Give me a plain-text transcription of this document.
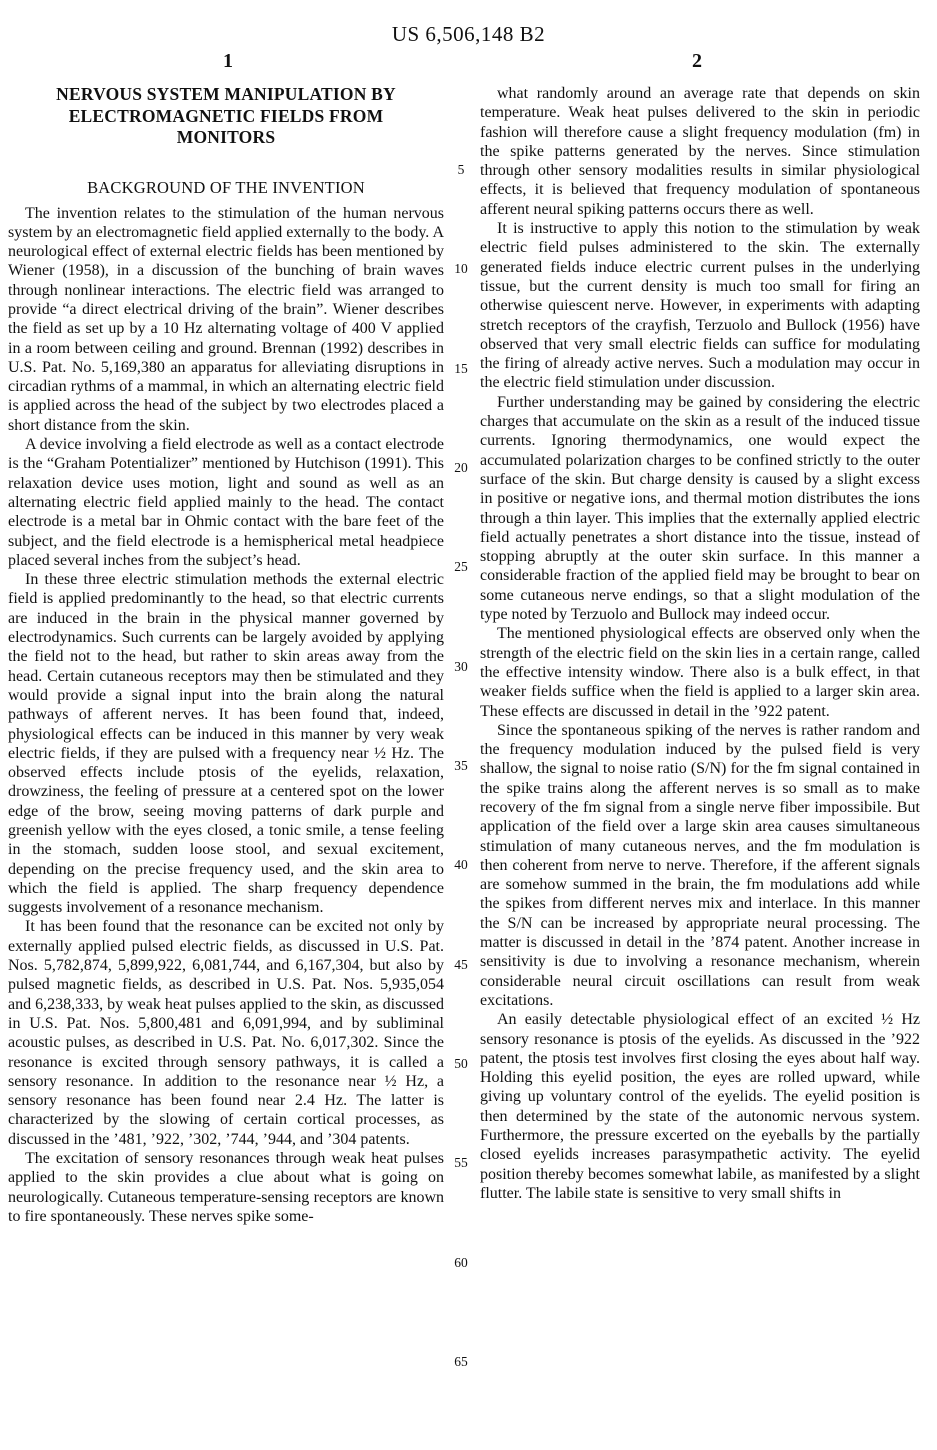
US 6,506,148 B2
1	2
NERVOUS SYSTEM MANIPULATION BY ELECTROMAGNETIC FIELDS FROM MONITORS
BACKGROUND OF THE INVENTION

The invention relates to the stimulation of the human nervous system by an electromagnetic field applied externally to the body. A neurological effect of external electric fields has been mentioned by Wiener (1958), in a discussion of the bunching of brain waves through nonlinear interactions. The electric field was arranged to provide “a direct electrical driving of the brain”. Wiener describes the field as set up by a 10 Hz alternating voltage of 400 V applied in a room between ceiling and ground. Brennan (1992) describes in U.S. Pat. No. 5,169,380 an apparatus for alleviating disruptions in circadian rythms of a mammal, in which an alternating electric field is applied across the head of the subject by two electrodes placed a short distance from the skin.

A device involving a field electrode as well as a contact electrode is the “Graham Potentializer” mentioned by Hutchison (1991). This relaxation device uses motion, light and sound as well as an alternating electric field applied mainly to the head. The contact electrode is a metal bar in Ohmic contact with the bare feet of the subject, and the field electrode is a hemispherical metal headpiece placed several inches from the subject’s head.

In these three electric stimulation methods the external electric field is applied predominantly to the head, so that electric currents are induced in the brain in the physical manner governed by electrodynamics. Such currents can be largely avoided by applying the field not to the head, but rather to skin areas away from the head. Certain cutaneous receptors may then be stimulated and they would provide a signal input into the brain along the natural pathways of afferent nerves. It has been found that, indeed, physiological effects can be induced in this manner by very weak electric fields, if they are pulsed with a frequency near ½ Hz. The observed effects include ptosis of the eyelids, relaxation, drowziness, the feeling of pressure at a centered spot on the lower edge of the brow, seeing moving patterns of dark purple and greenish yellow with the eyes closed, a tonic smile, a tense feeling in the stomach, sudden loose stool, and sexual excitement, depending on the precise frequency used, and the skin area to which the field is applied. The sharp frequency dependence suggests involvement of a resonance mechanism.

It has been found that the resonance can be excited not only by externally applied pulsed electric fields, as discussed in U.S. Pat. Nos. 5,782,874, 5,899,922, 6,081,744, and 6,167,304, but also by pulsed magnetic fields, as described in U.S. Pat. Nos. 5,935,054 and 6,238,333, by weak heat pulses applied to the skin, as discussed in U.S. Pat. Nos. 5,800,481 and 6,091,994, and by subliminal acoustic pulses, as described in U.S. Pat. No. 6,017,302. Since the resonance is excited through sensory pathways, it is called a sensory resonance. In addition to the resonance near ½ Hz, a sensory resonance has been found near 2.4 Hz. The latter is characterized by the slowing of certain cortical processes, as discussed in the ’481, ’922, ’302, ’744, ’944, and ’304 patents.

The excitation of sensory resonances through weak heat pulses applied to the skin provides a clue about what is going on neurologically. Cutaneous temperature-sensing receptors are known to fire spontaneously. These nerves spike some-

5
10
15
20
25
30
35
40
45
50
55
60
65

what randomly around an average rate that depends on skin temperature. Weak heat pulses delivered to the skin in periodic fashion will therefore cause a slight frequency modulation (fm) in the spike patterns generated by the nerves. Since stimulation through other sensory modalities results in similar physiological effects, it is believed that frequency modulation of spontaneous afferent neural spiking patterns occurs there as well.

It is instructive to apply this notion to the stimulation by weak electric field pulses administered to the skin. The externally generated fields induce electric current pulses in the underlying tissue, but the current density is much too small for firing an otherwise quiescent nerve. However, in experiments with adapting stretch receptors of the crayfish, Terzuolo and Bullock (1956) have observed that very small electric fields can suffice for modulating the firing of already active nerves. Such a modulation may occur in the electric field stimulation under discussion.

Further understanding may be gained by considering the electric charges that accumulate on the skin as a result of the induced tissue currents. Ignoring thermodynamics, one would expect the accumulated polarization charges to be confined strictly to the outer surface of the skin. But charge density is caused by a slight excess in positive or negative ions, and thermal motion distributes the ions through a thin layer. This implies that the externally applied electric field actually penetrates a short distance into the tissue, instead of stopping abruptly at the outer skin surface. In this manner a considerable fraction of the applied field may be brought to bear on some cutaneous nerve endings, so that a slight modulation of the type noted by Terzuolo and Bullock may indeed occur.

The mentioned physiological effects are observed only when the strength of the electric field on the skin lies in a certain range, called the effective intensity window. There also is a bulk effect, in that weaker fields suffice when the field is applied to a larger skin area. These effects are discussed in detail in the ’922 patent.

Since the spontaneous spiking of the nerves is rather random and the frequency modulation induced by the pulsed field is very shallow, the signal to noise ratio (S/N) for the fm signal contained in the spike trains along the afferent nerves is so small as to make recovery of the fm signal from a single nerve fiber impossibile. But application of the field over a large skin area causes simultaneous stimulation of many cutaneous nerves, and the fm modulation is then coherent from nerve to nerve. Therefore, if the afferent signals are somehow summed in the brain, the fm modulations add while the spikes from different nerves mix and interlace. In this manner the S/N can be increased by appropriate neural processing. The matter is discussed in detail in the ’874 patent. Another increase in sensitivity is due to involving a resonance mechanism, wherein considerable neural circuit oscillations can result from weak excitations.

An easily detectable physiological effect of an excited ½ Hz sensory resonance is ptosis of the eyelids. As discussed in the ’922 patent, the ptosis test involves first closing the eyes about half way. Holding this eyelid position, the eyes are rolled upward, while giving up voluntary control of the eyelids. The eyelid position is then determined by the state of the autonomic nervous system. Furthermore, the pressure excerted on the eyeballs by the partially closed eyelids increases parasympathetic activity. The eyelid position thereby becomes somewhat labile, as manifested by a slight flutter. The labile state is sensitive to very small shifts in
